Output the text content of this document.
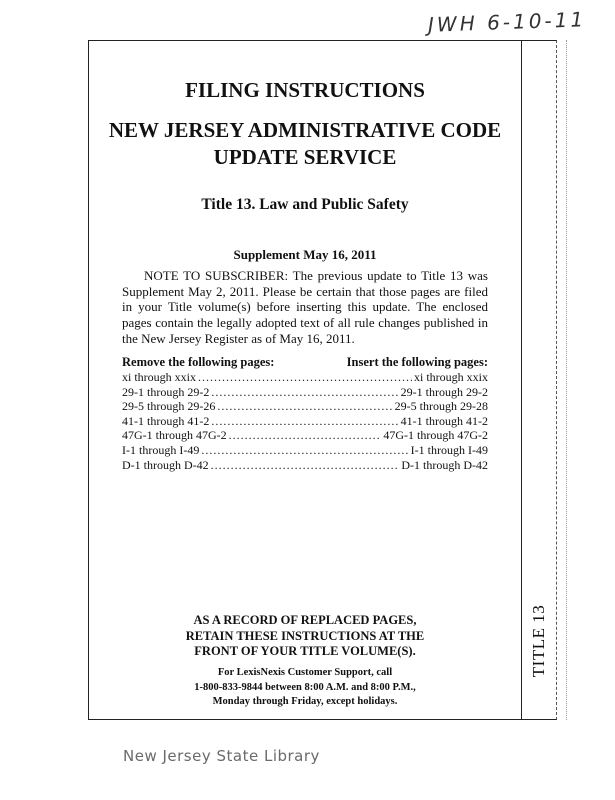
JWH 6-10-11
TITLE 13
FILING INSTRUCTIONS
NEW JERSEY ADMINISTRATIVE CODE
UPDATE SERVICE
Title 13. Law and Public Safety
Supplement May 16, 2011

NOTE TO SUBSCRIBER: The previous update to Title 13 was Supplement May 2, 2011. Please be certain that those pages are filed in your Title volume(s) before inserting this update. The enclosed pages contain the legally adopted text of all rule changes published in the New Jersey Register as of May 16, 2011.

Remove the following pages:	Insert the following pages:
xi through xxix .....	xi through xxix
29-1 through 29-2 .....	29-1 through 29-2
29-5 through 29-26 .....	29-5 through 29-28
41-1 through 41-2 .....	41-1 through 41-2
47G-1 through 47G-2 .....	47G-1 through 47G-2
I-1 through I-49 .....	I-1 through I-49
D-1 through D-42 .....	D-1 through D-42
AS A RECORD OF REPLACED PAGES,
RETAIN THESE INSTRUCTIONS AT THE
FRONT OF YOUR TITLE VOLUME(S).
For LexisNexis Customer Support, call
1-800-833-9844 between 8:00 A.M. and 8:00 P.M.,
Monday through Friday, except holidays.
New Jersey State Library
